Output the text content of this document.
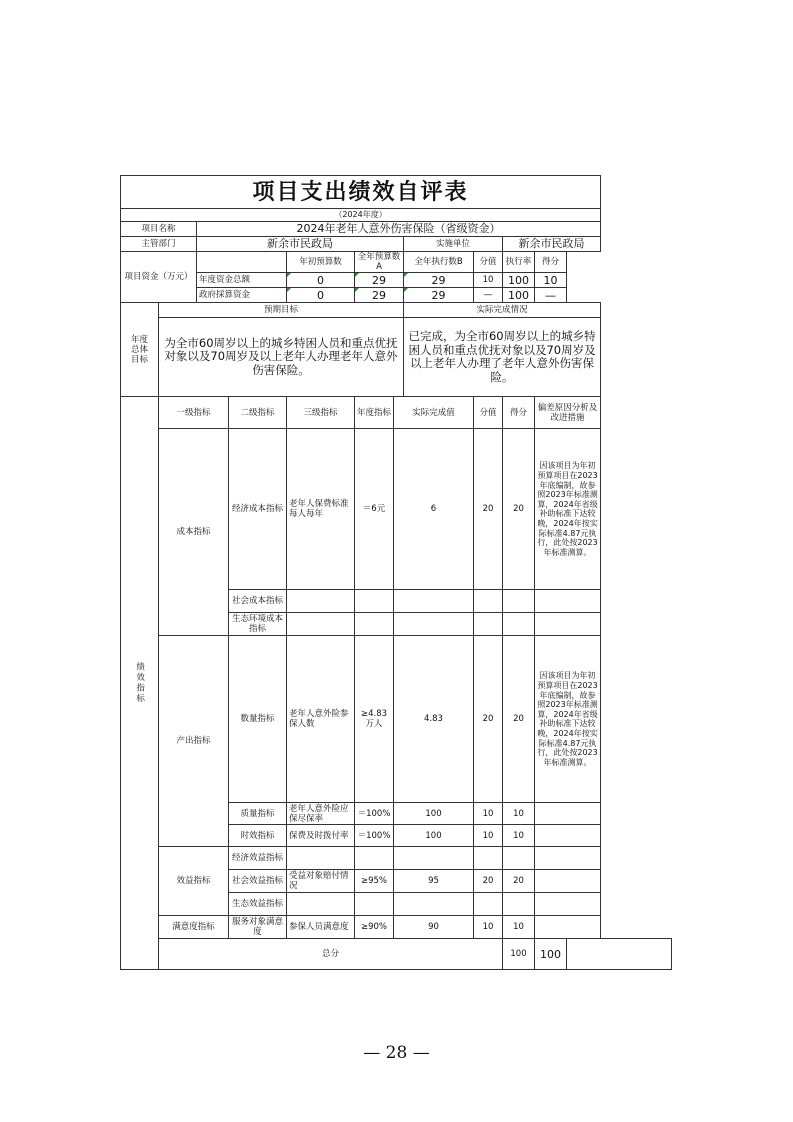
项目支出绩效自评表											
（2024年度）											
项目名称		2024年老年人意外伤害保险（省级资金）									
主管部门		新余市民政局					实施单位		新余市民政局		
项目资金（万元）				年初预算数	全年预算数A		全年执行数B	分值	执行率	得分	
		年度资金总额		0	29		29	10	100	10	
		政府採算资金		0	29		29	—	100	—	
年度总体目标	预期目标						实际完成情况				
	为全市60周岁以上的城乡特困人员和重点优抚对象以及70周岁及以上老年人办理老年人意外伤害保险。						已完成，为全市60周岁以上的城乡特困人员和重点优抚对象以及70周岁及以上老年人办理了老年人意外伤害保险。				
绩效指标	一级指标		二级指标	三级指标	年度指标	实际完成值		分值	得分	偏差原因分析及改进措施	
	成本指标		经济成本指标	老年人保费标准每人每年	＝6元	6		20	20	因该项目为年初预算项目在2023年底编制，故参照2023年标准测算，2024年省级补助标准下达较晚，2024年按实际标准4.87元执行，此处按2023年标准测算。	
			社会成本指标								
			生态环境成本指标								
	产出指标		数量指标	老年人意外险参保人数	≥4.83万人	4.83		20	20	因该项目为年初预算项目在2023年底编制，故参照2023年标准测算，2024年省级补助标准下达较晚，2024年按实际标准4.87元执行，此处按2023年标准测算。	
			质量指标	老年人意外险应保尽保率	＝100%	100		10	10		
			时效指标	保费及时拨付率	＝100%	100		10	10		
	效益指标		经济效益指标								
			社会效益指标	受益对象赔付情况	≥95%	95		20	20		
			生态效益指标								
	满意度指标		服务对象满意度	参保人员满意度	≥90%	90		10	10		
	总分								100	100	
— 28 —
